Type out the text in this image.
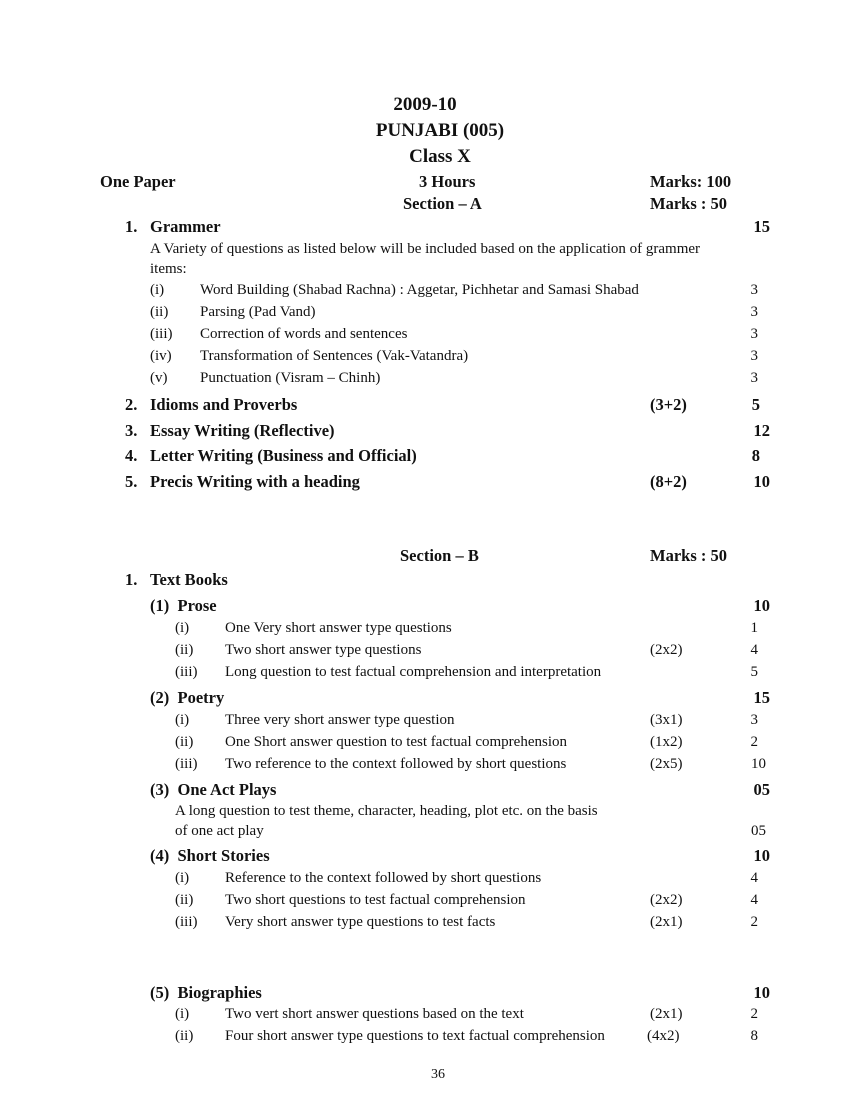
2009-10
PUNJABI (005)
Class X
One Paper	3 Hours	Marks: 100
Section – A	Marks : 50
1. Grammer	15
A Variety of questions as listed below will be included based on the application of grammer
items:
(i) Word Building (Shabad Rachna) : Aggetar, Pichhetar and Samasi Shabad	3
(ii) Parsing (Pad Vand)	3
(iii) Correction of words and sentences	3
(iv) Transformation of Sentences (Vak-Vatandra)	3
(v) Punctuation (Visram – Chinh)	3
2. Idioms and Proverbs	(3+2)	5
3. Essay Writing (Reflective)	12
4. Letter Writing (Business and Official)	8
5. Precis Writing with a heading	(8+2)	10
Section – B	Marks : 50
1. Text Books
(1)  Prose	10
(i) One Very short answer type questions	1
(ii) Two short answer type questions	(2x2)	4
(iii) Long question to test factual comprehension and interpretation	5
(2)  Poetry	15
(i) Three very short answer type question	(3x1)	3
(ii) One Short answer question to test factual comprehension	(1x2)	2
(iii) Two reference to the context followed by short questions	(2x5)	10
(3)  One Act Plays	05
A long question to test theme, character, heading, plot etc. on the basis
of one act play	05
(4)  Short Stories	10
(i) Reference to the context followed by short questions	4
(ii) Two short questions to test factual comprehension	(2x2)	4
(iii) Very short answer type questions to test facts	(2x1)	2
(5)  Biographies	10
(i) Two vert short answer questions based on the text	(2x1)	2
(ii) Four short answer type questions to text factual comprehension	(4x2)	8
36
